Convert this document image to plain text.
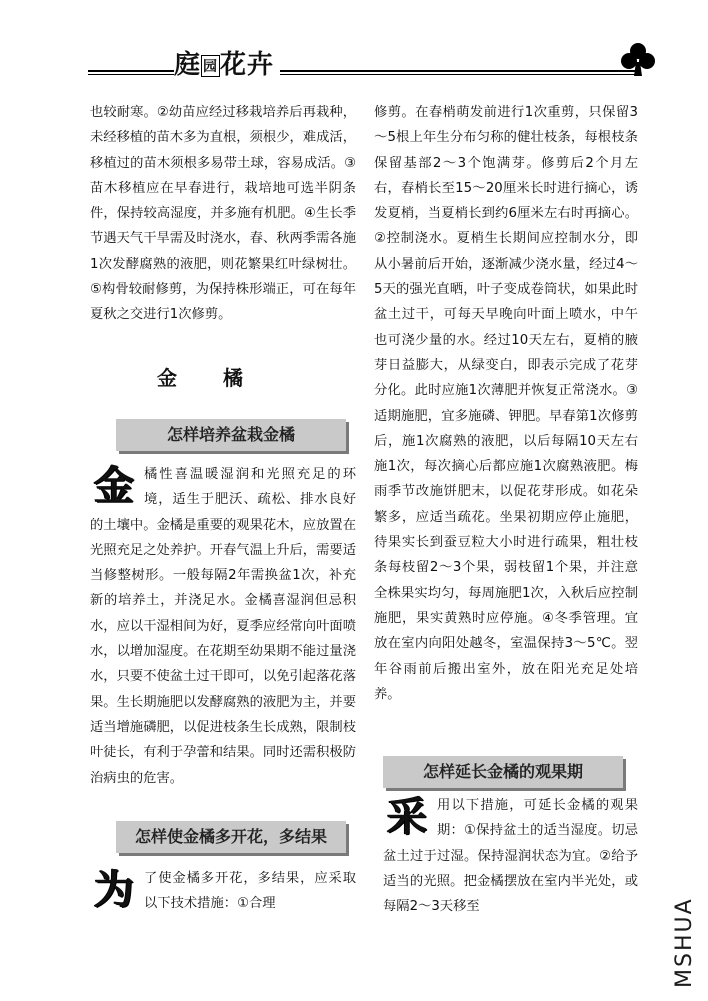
庭 园花卉

也较耐寒。②幼苗应经过移栽培养后再栽种，未经移植的苗木多为直根，须根少，难成活，移植过的苗木须根多易带土球，容易成活。③苗木移植应在早春进行，栽培地可选半阴条件，保持较高湿度，并多施有机肥。④生长季节遇天气干旱需及时浇水，春、秋两季需各施1次发酵腐熟的液肥，则花繁果红叶绿树壮。⑤构骨较耐修剪，为保持株形端正，可在每年夏秋之交进行1次修剪。

金橘
怎样培养盆栽金橘
金橘性喜温暖湿润和光照充足的环境，适生于肥沃、疏松、排水良好的土壤中。金橘是重要的观果花木，应放置在光照充足之处养护。开春气温上升后，需要适当修整树形。一般每隔2年需换盆1次，补充新的培养土，并浇足水。金橘喜湿润但忌积水，应以干湿相间为好，夏季应经常向叶面喷水，以增加湿度。在花期至幼果期不能过量浇水，只要不使盆土过干即可，以免引起落花落果。生长期施肥以发酵腐熟的液肥为主，并要适当增施磷肥，以促进枝条生长成熟，限制枝叶徒长，有利于孕蕾和结果。同时还需积极防治病虫的危害。
怎样使金橘多开花，多结果
为了使金橘多开花，多结果，应采取以下技术措施：①合理

修剪。在春梢萌发前进行1次重剪，只保留3～5根上年生分布匀称的健壮枝条，每根枝条保留基部2～3个饱满芽。修剪后2个月左右，春梢长至15～20厘米长时进行摘心，诱发夏梢，当夏梢长到约6厘米左右时再摘心。②控制浇水。夏梢生长期间应控制水分，即从小暑前后开始，逐渐减少浇水量，经过4～5天的强光直晒，叶子变成卷筒状，如果此时盆土过干，可每天早晚向叶面上喷水，中午也可浇少量的水。经过10天左右，夏梢的腋芽日益膨大，从绿变白，即表示完成了花芽分化。此时应施1次薄肥并恢复正常浇水。③适期施肥，宜多施磷、钾肥。早春第1次修剪后，施1次腐熟的液肥，以后每隔10天左右施1次，每次摘心后都应施1次腐熟液肥。梅雨季节改施饼肥末，以促花芽形成。如花朵繁多，应适当疏花。坐果初期应停止施肥，待果实长到蚕豆粒大小时进行疏果，粗壮枝条每枝留2～3个果，弱枝留1个果，并注意全株果实均匀，每周施肥1次，入秋后应控制施肥，果实黄熟时应停施。④冬季管理。宜放在室内向阳处越冬，室温保持3～5℃。翌年谷雨前后搬出室外，放在阳光充足处培养。

怎样延长金橘的观果期
采用以下措施，可延长金橘的观果期：①保持盆土的适当湿度。切忌盆土过于过湿。保持湿润状态为宜。②给予适当的光照。把金橘摆放在室内半光处，或每隔2～3天移至	MSHUA
